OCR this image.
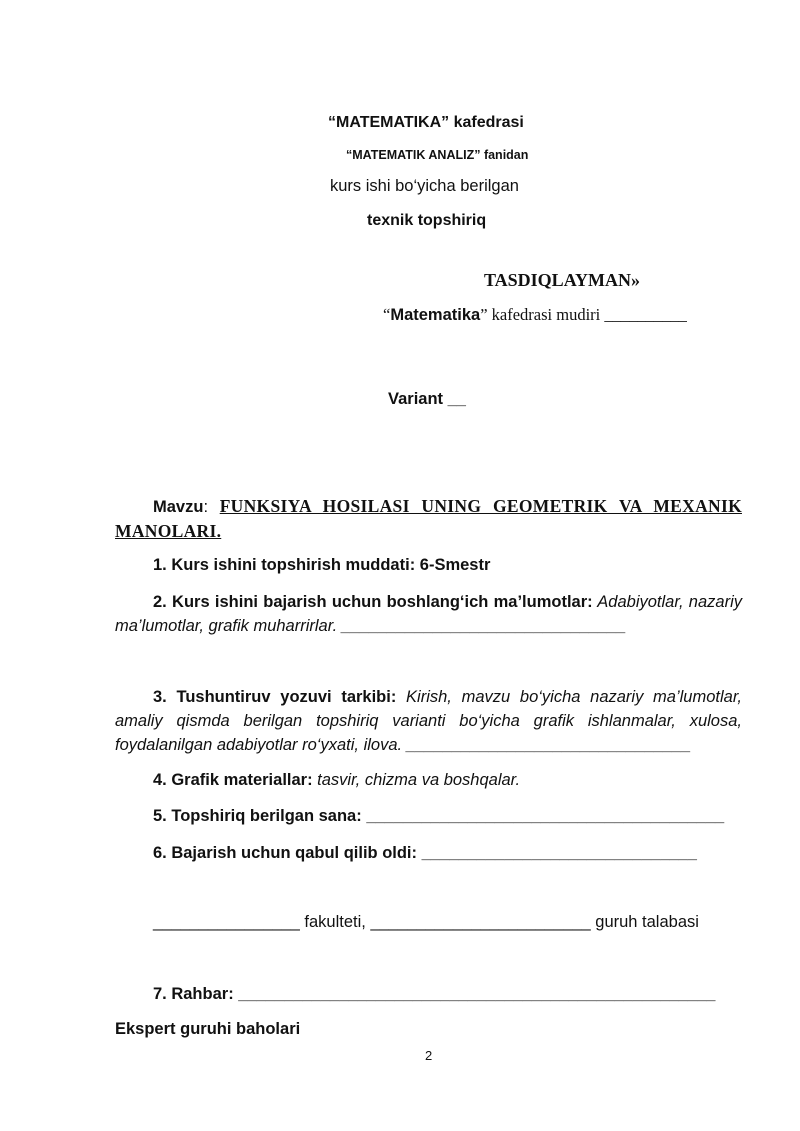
“MATEMATIKA” kafedrasi
“MATEMATIK ANALIZ” fanidan
kurs ishi bo‘yicha berilgan
texnik topshiriq
TASDIQLAYMAN»
“Matematika” kafedrasi mudiri __________
Variant __
Mavzu: FUNKSIYA HOSILASI UNING GEOMETRIK VA MEXANIK MANOLARI.
1. Kurs ishini topshirish muddati: 6-Smestr
2. Kurs ishini bajarish uchun boshlang‘ich ma’lumotlar: Adabiyotlar, nazariy ma’lumotlar, grafik muharrirlar. _______________________________
3. Tushuntiruv yozuvi tarkibi: Kirish, mavzu bo‘yicha nazariy ma’lumotlar, amaliy qismda berilgan topshiriq varianti bo‘yicha grafik ishlanmalar, xulosa, foydalanilgan adabiyotlar ro‘yxati, ilova. _______________________________
4. Grafik materiallar: tasvir, chizma va boshqalar.
5. Topshiriq berilgan sana: _______________________________________
6. Bajarish uchun qabul qilib oldi: ______________________________
________________ fakulteti, ________________________ guruh talabasi
7. Rahbar: ____________________________________________________
Ekspert guruhi baholari
2
